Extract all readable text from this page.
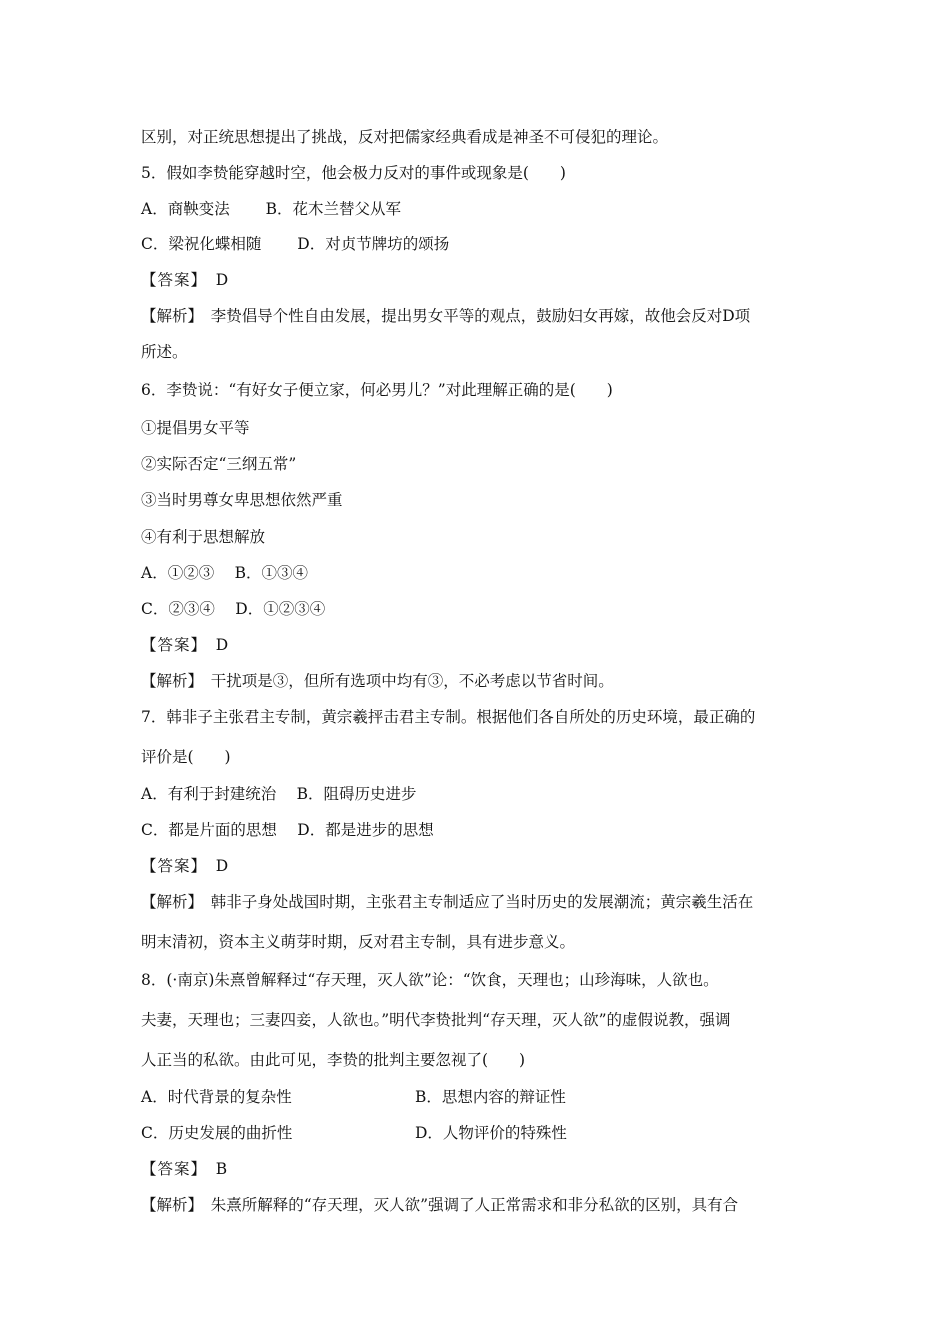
区别，对正统思想提出了挑战，反对把儒家经典看成是神圣不可侵犯的理论。
5．假如李贽能穿越时空，他会极力反对的事件或现象是(　　)
A．商鞅变法　　 B．花木兰替父从军
C．梁祝化蝶相随　　 D．对贞节牌坊的颂扬
【答案】　D
【解析】　李贽倡导个性自由发展，提出男女平等的观点，鼓励妇女再嫁，故他会反对D项
所述。
6．李贽说：“有好女子便立家，何必男儿？”对此理解正确的是(　　)
①提倡男女平等
②实际否定“三纲五常”
③当时男尊女卑思想依然严重
④有利于思想解放
A．①②③　 B．①③④
C．②③④　 D．①②③④
【答案】　D
【解析】　干扰项是③，但所有选项中均有③，不必考虑以节省时间。
7．韩非子主张君主专制，黄宗羲抨击君主专制。根据他们各自所处的历史环境，最正确的
评价是(　　)
A．有利于封建统治　 B．阻碍历史进步
C．都是片面的思想　 D．都是进步的思想
【答案】　D
【解析】　韩非子身处战国时期，主张君主专制适应了当时历史的发展潮流；黄宗羲生活在
明末清初，资本主义萌芽时期，反对君主专制，具有进步意义。
8．(·南京)朱熹曾解释过“存天理，灭人欲”论：“饮食，天理也；山珍海味，人欲也。
夫妻，天理也；三妻四妾，人欲也。”明代李贽批判“存天理，灭人欲”的虚假说教，强调
人正当的私欲。由此可见，李贽的批判主要忽视了(　　)
A．时代背景的复杂性	B．思想内容的辩证性
C．历史发展的曲折性	D．人物评价的特殊性
【答案】　B
【解析】　朱熹所解释的“存天理，灭人欲”强调了人正常需求和非分私欲的区别，具有合
